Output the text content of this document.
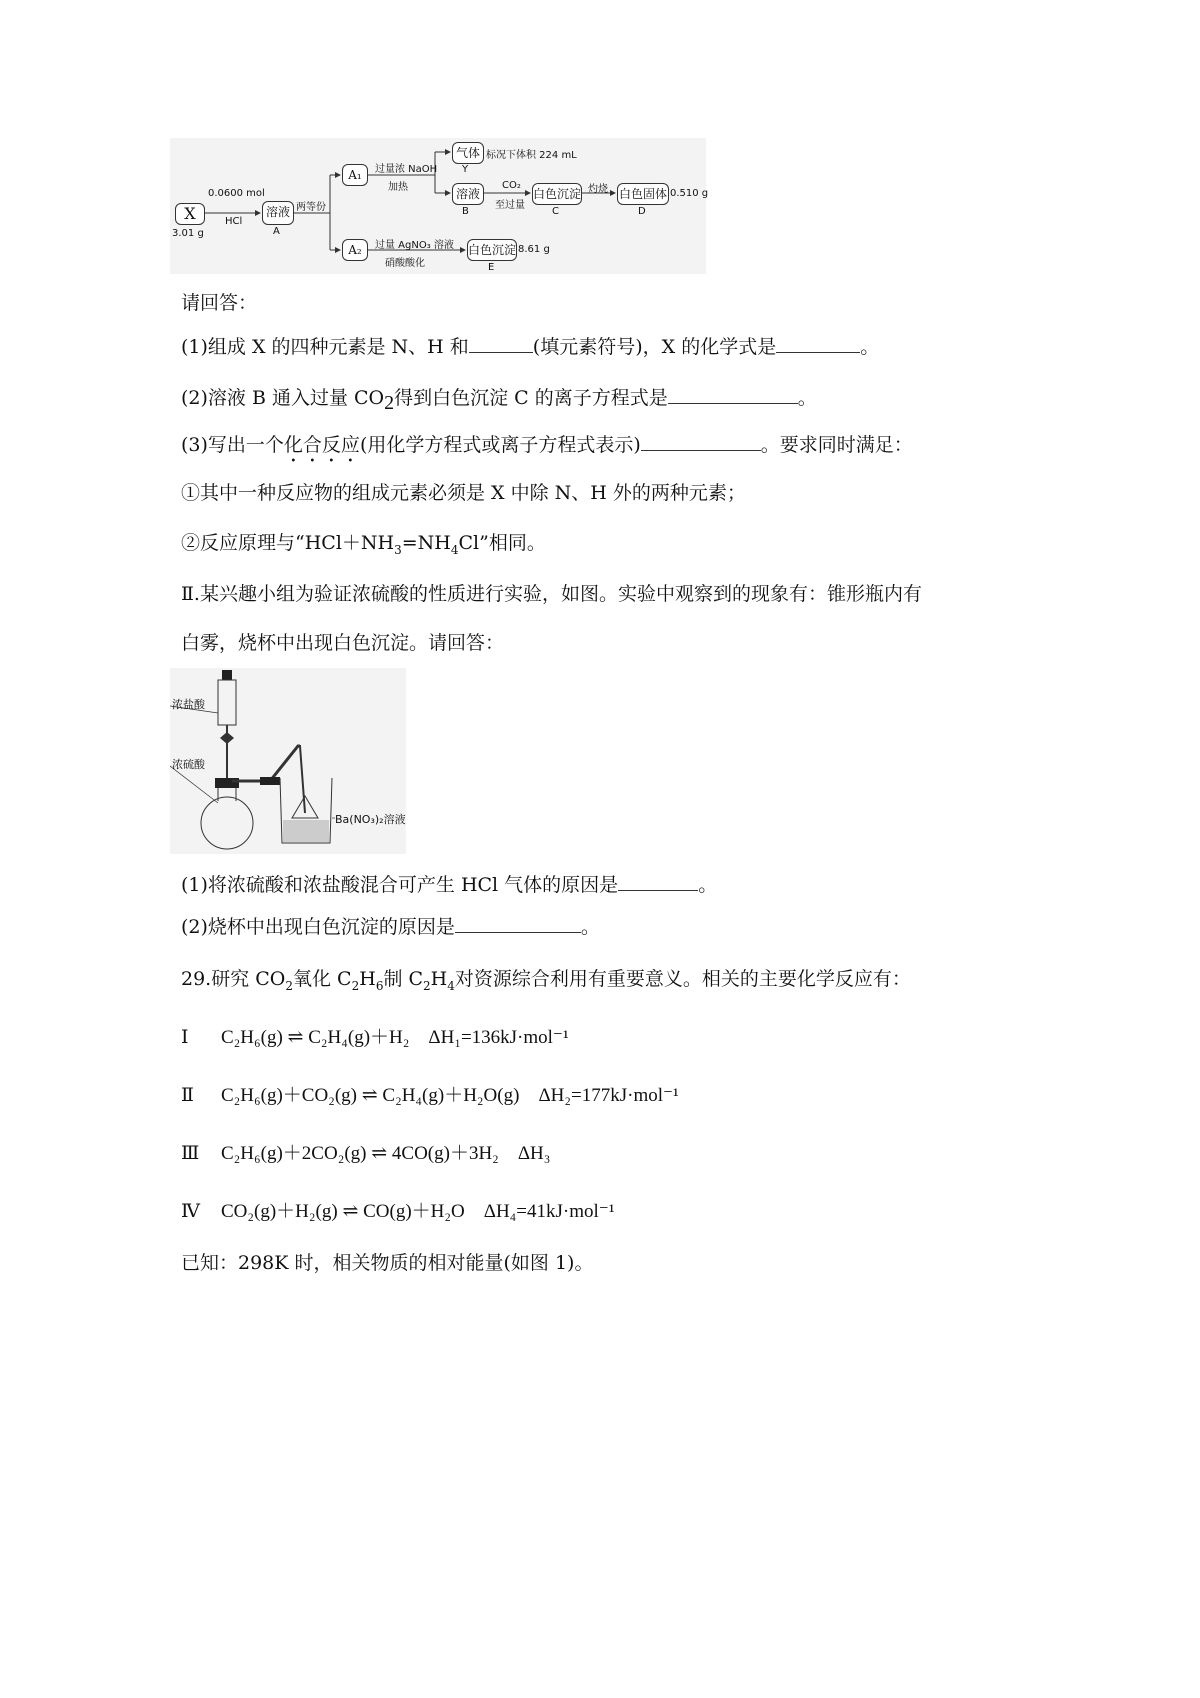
X
3.01 g
0.0600 mol
HCl
溶液
A
两等份
A₁
A₂
过量浓 NaOH
加热
气体 标况下体积 224 mL
Y
溶液
B
CO₂
至过量
白色沉淀
C
灼烧 白色固体 0.510 g
D
过量 AgNO₃ 溶液
硝酸酸化
白色沉淀 8.61 g
E
请回答：
(1)组成 X 的四种元素是 N、H 和	(填元素符号)，X 的化学式是	。
(2)溶液 B 通入过量 $CO_2$得到白色沉淀 C 的离子方程式是	。
(3)写出一个化合反应(用化学方程式或离子方程式表示)	。要求同时满足：
①其中一种反应物的组成元素必须是 X 中除 N、H 外的两种元素；
②反应原理与“$HCl+NH_3=NH_4Cl$”相同。
Ⅱ.某兴趣小组为验证浓硫酸的性质进行实验，如图。实验中观察到的现象有：锥形瓶内有
白雾，烧杯中出现白色沉淀。请回答：
浓盐酸
浓硫酸
Ba(NO₃)₂溶液
(1)将浓硫酸和浓盐酸混合可产生 HCl 气体的原因是	。
(2)烧杯中出现白色沉淀的原因是	。
29.研究 $CO_2$氧化 $C_2H_6$制 $C_2H_4$对资源综合利用有重要意义。相关的主要化学反应有：
Ⅰ C₂H₆(g) ⇌ C₂H₄(g)＋H₂ ΔH₁=136kJ·mol⁻¹
Ⅱ C₂H₆(g)＋CO₂(g) ⇌ C₂H₄(g)＋H₂O(g) ΔH₂=177kJ·mol⁻¹
Ⅲ C₂H₆(g)＋2CO₂(g) ⇌ 4CO(g)＋3H₂ ΔH₃
Ⅳ CO₂(g)＋H₂(g) ⇌ CO(g)＋H₂O ΔH₄=41kJ·mol⁻¹
已知：298K 时，相关物质的相对能量(如图 1)。
